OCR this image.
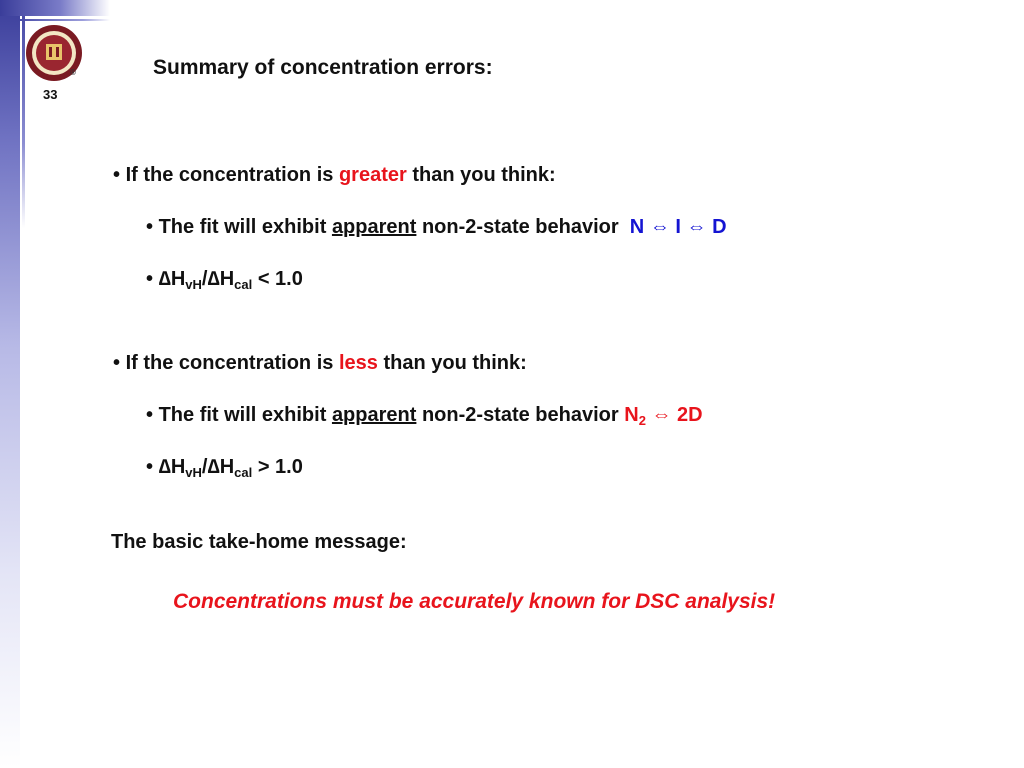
®
33
Summary of concentration errors:
• If the concentration is greater than you think:
• The fit will exhibit apparent non-2-state behavior N ⇔ I ⇔ D
• $\Delta H_{vH}/\Delta H_{cal} < 1.0$
• If the concentration is less than you think:
• The fit will exhibit apparent non-2-state behavior $N_2$ ⇔ 2D
• $\Delta H_{vH}/\Delta H_{cal} > 1.0$
The basic take-home message:
Concentrations must be accurately known for DSC analysis!
